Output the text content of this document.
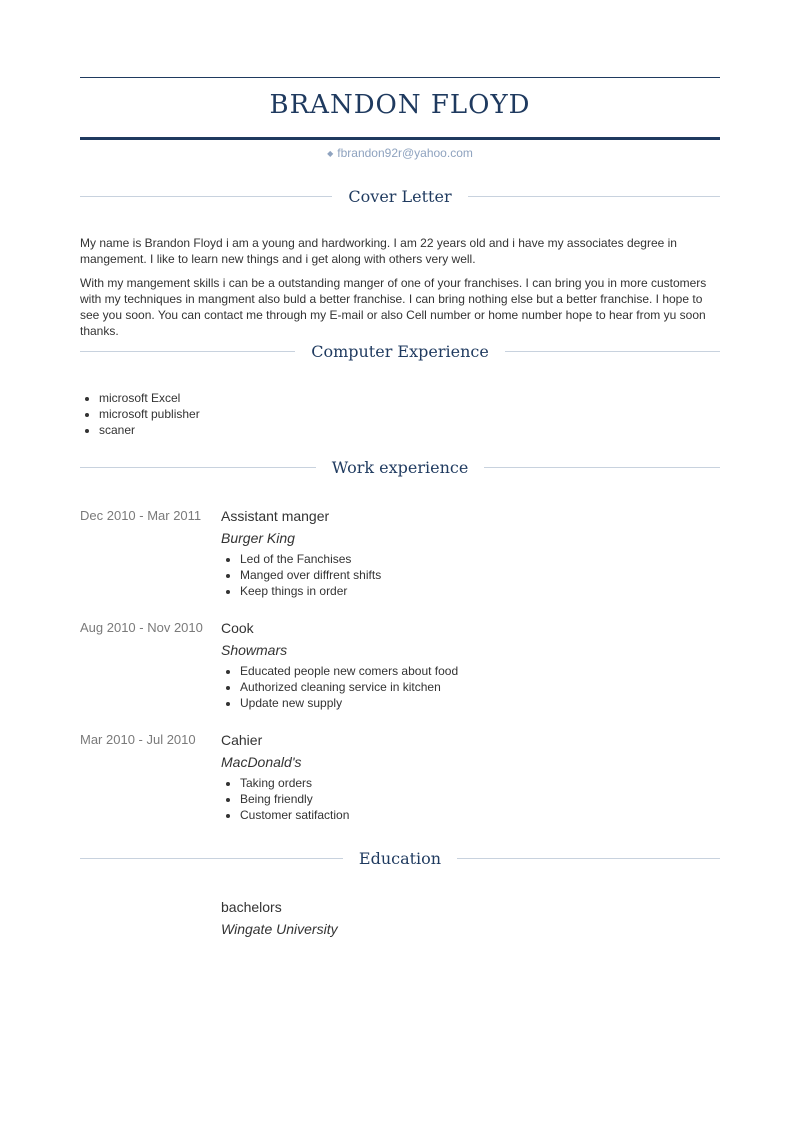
BRANDON FLOYD
◆ fbrandon92r@yahoo.com
Cover Letter

My name is Brandon Floyd i am a young and hardworking. I am 22 years old and i have my associates degree in mangement. I like to learn new things and i get along with others very well.

With my mangement skills i can be a outstanding manger of one of your franchises. I can bring you in more customers with my techniques in mangment also buld a better franchise. I can bring nothing else but a better franchise. I hope to see you soon. You can contact me through my E-mail or also Cell number or home number hope to hear from yu soon thanks.

Computer Experience
• microsoft Excel
• microsoft publisher
• scaner
Work experience
Dec 2010 - Mar 2011	Assistant manger
Burger King
• Led of the Fanchises
• Manged over diffrent shifts
• Keep things in order
Aug 2010 - Nov 2010	Cook
Showmars
• Educated people new comers about food
• Authorized cleaning service in kitchen
• Update new supply
Mar 2010 - Jul 2010	Cahier
MacDonald's
• Taking orders
• Being friendly
• Customer satifaction
Education
bachelors
Wingate University
